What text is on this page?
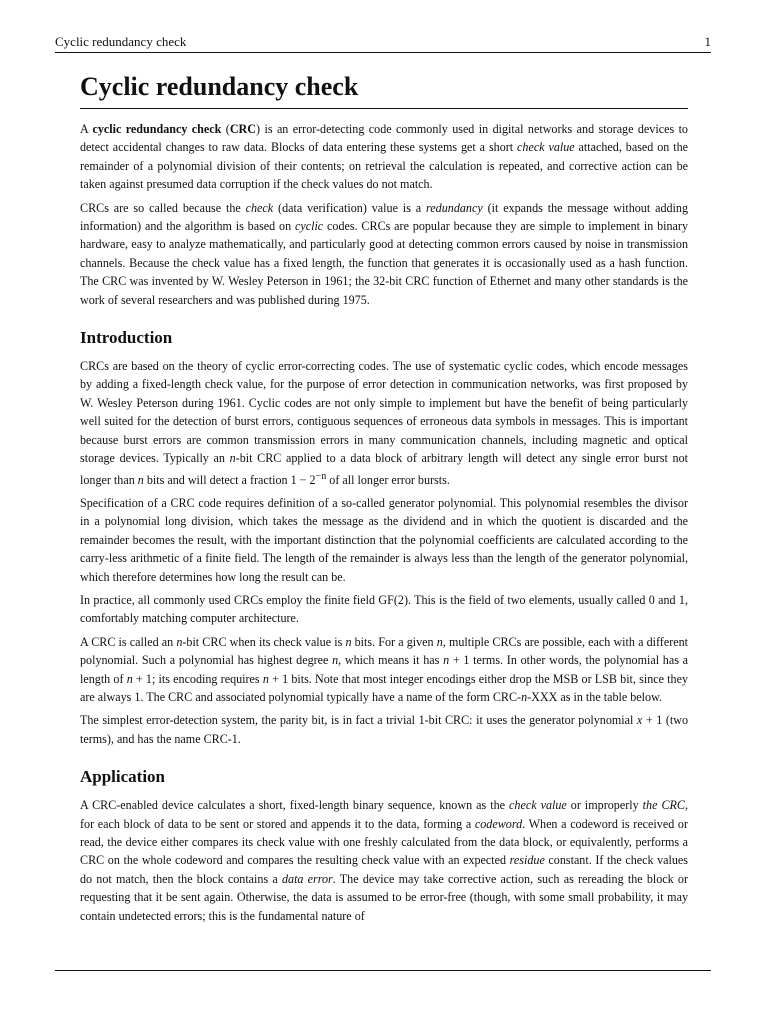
Cyclic redundancy check	1
Cyclic redundancy check

A cyclic redundancy check (CRC) is an error-detecting code commonly used in digital networks and storage devices to detect accidental changes to raw data. Blocks of data entering these systems get a short check value attached, based on the remainder of a polynomial division of their contents; on retrieval the calculation is repeated, and corrective action can be taken against presumed data corruption if the check values do not match.

CRCs are so called because the check (data verification) value is a redundancy (it expands the message without adding information) and the algorithm is based on cyclic codes. CRCs are popular because they are simple to implement in binary hardware, easy to analyze mathematically, and particularly good at detecting common errors caused by noise in transmission channels. Because the check value has a fixed length, the function that generates it is occasionally used as a hash function. The CRC was invented by W. Wesley Peterson in 1961; the 32-bit CRC function of Ethernet and many other standards is the work of several researchers and was published during 1975.

Introduction

CRCs are based on the theory of cyclic error-correcting codes. The use of systematic cyclic codes, which encode messages by adding a fixed-length check value, for the purpose of error detection in communication networks, was first proposed by W. Wesley Peterson during 1961. Cyclic codes are not only simple to implement but have the benefit of being particularly well suited for the detection of burst errors, contiguous sequences of erroneous data symbols in messages. This is important because burst errors are common transmission errors in many communication channels, including magnetic and optical storage devices. Typically an n-bit CRC applied to a data block of arbitrary length will detect any single error burst not longer than n bits and will detect a fraction $1 - 2^{-n}$ of all longer error bursts.

Specification of a CRC code requires definition of a so-called generator polynomial. This polynomial resembles the divisor in a polynomial long division, which takes the message as the dividend and in which the quotient is discarded and the remainder becomes the result, with the important distinction that the polynomial coefficients are calculated according to the carry-less arithmetic of a finite field. The length of the remainder is always less than the length of the generator polynomial, which therefore determines how long the result can be.

In practice, all commonly used CRCs employ the finite field GF(2). This is the field of two elements, usually called 0 and 1, comfortably matching computer architecture.

A CRC is called an n-bit CRC when its check value is n bits. For a given n, multiple CRCs are possible, each with a different polynomial. Such a polynomial has highest degree n, which means it has n + 1 terms. In other words, the polynomial has a length of n + 1; its encoding requires n + 1 bits. Note that most integer encodings either drop the MSB or LSB bit, since they are always 1. The CRC and associated polynomial typically have a name of the form CRC-n-XXX as in the table below.

The simplest error-detection system, the parity bit, is in fact a trivial 1-bit CRC: it uses the generator polynomial x + 1 (two terms), and has the name CRC-1.

Application

A CRC-enabled device calculates a short, fixed-length binary sequence, known as the check value or improperly the CRC, for each block of data to be sent or stored and appends it to the data, forming a codeword. When a codeword is received or read, the device either compares its check value with one freshly calculated from the data block, or equivalently, performs a CRC on the whole codeword and compares the resulting check value with an expected residue constant. If the check values do not match, then the block contains a data error. The device may take corrective action, such as rereading the block or requesting that it be sent again. Otherwise, the data is assumed to be error-free (though, with some small probability, it may contain undetected errors; this is the fundamental nature of
